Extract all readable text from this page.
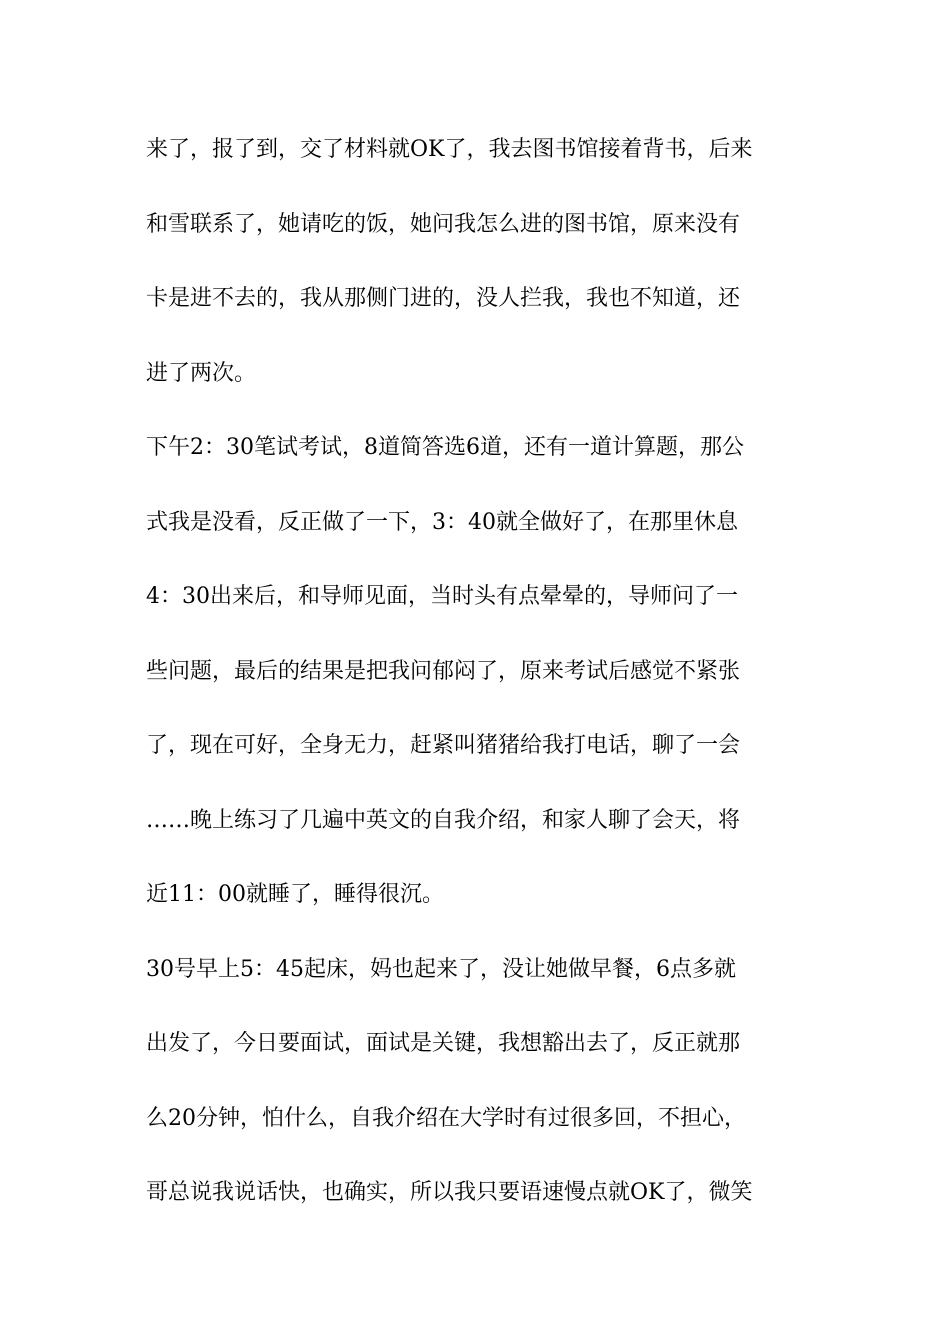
来了，报了到，交了材料就OK了，我去图书馆接着背书，后来
和雪联系了，她请吃的饭，她问我怎么进的图书馆，原来没有
卡是进不去的，我从那侧门进的，没人拦我，我也不知道，还
进了两次。
下午2：30笔试考试，8道简答选6道，还有一道计算题，那公
式我是没看，反正做了一下，3：40就全做好了，在那里休息
4：30出来后，和导师见面，当时头有点晕晕的，导师问了一
些问题，最后的结果是把我问郁闷了，原来考试后感觉不紧张
了，现在可好，全身无力，赶紧叫猪猪给我打电话，聊了一会
……晚上练习了几遍中英文的自我介绍，和家人聊了会天，将
近11：00就睡了，睡得很沉。
30号早上5：45起床，妈也起来了，没让她做早餐，6点多就
出发了，今日要面试，面试是关键，我想豁出去了，反正就那
么20分钟，怕什么，自我介绍在大学时有过很多回，不担心，
哥总说我说话快，也确实，所以我只要语速慢点就OK了，微笑
